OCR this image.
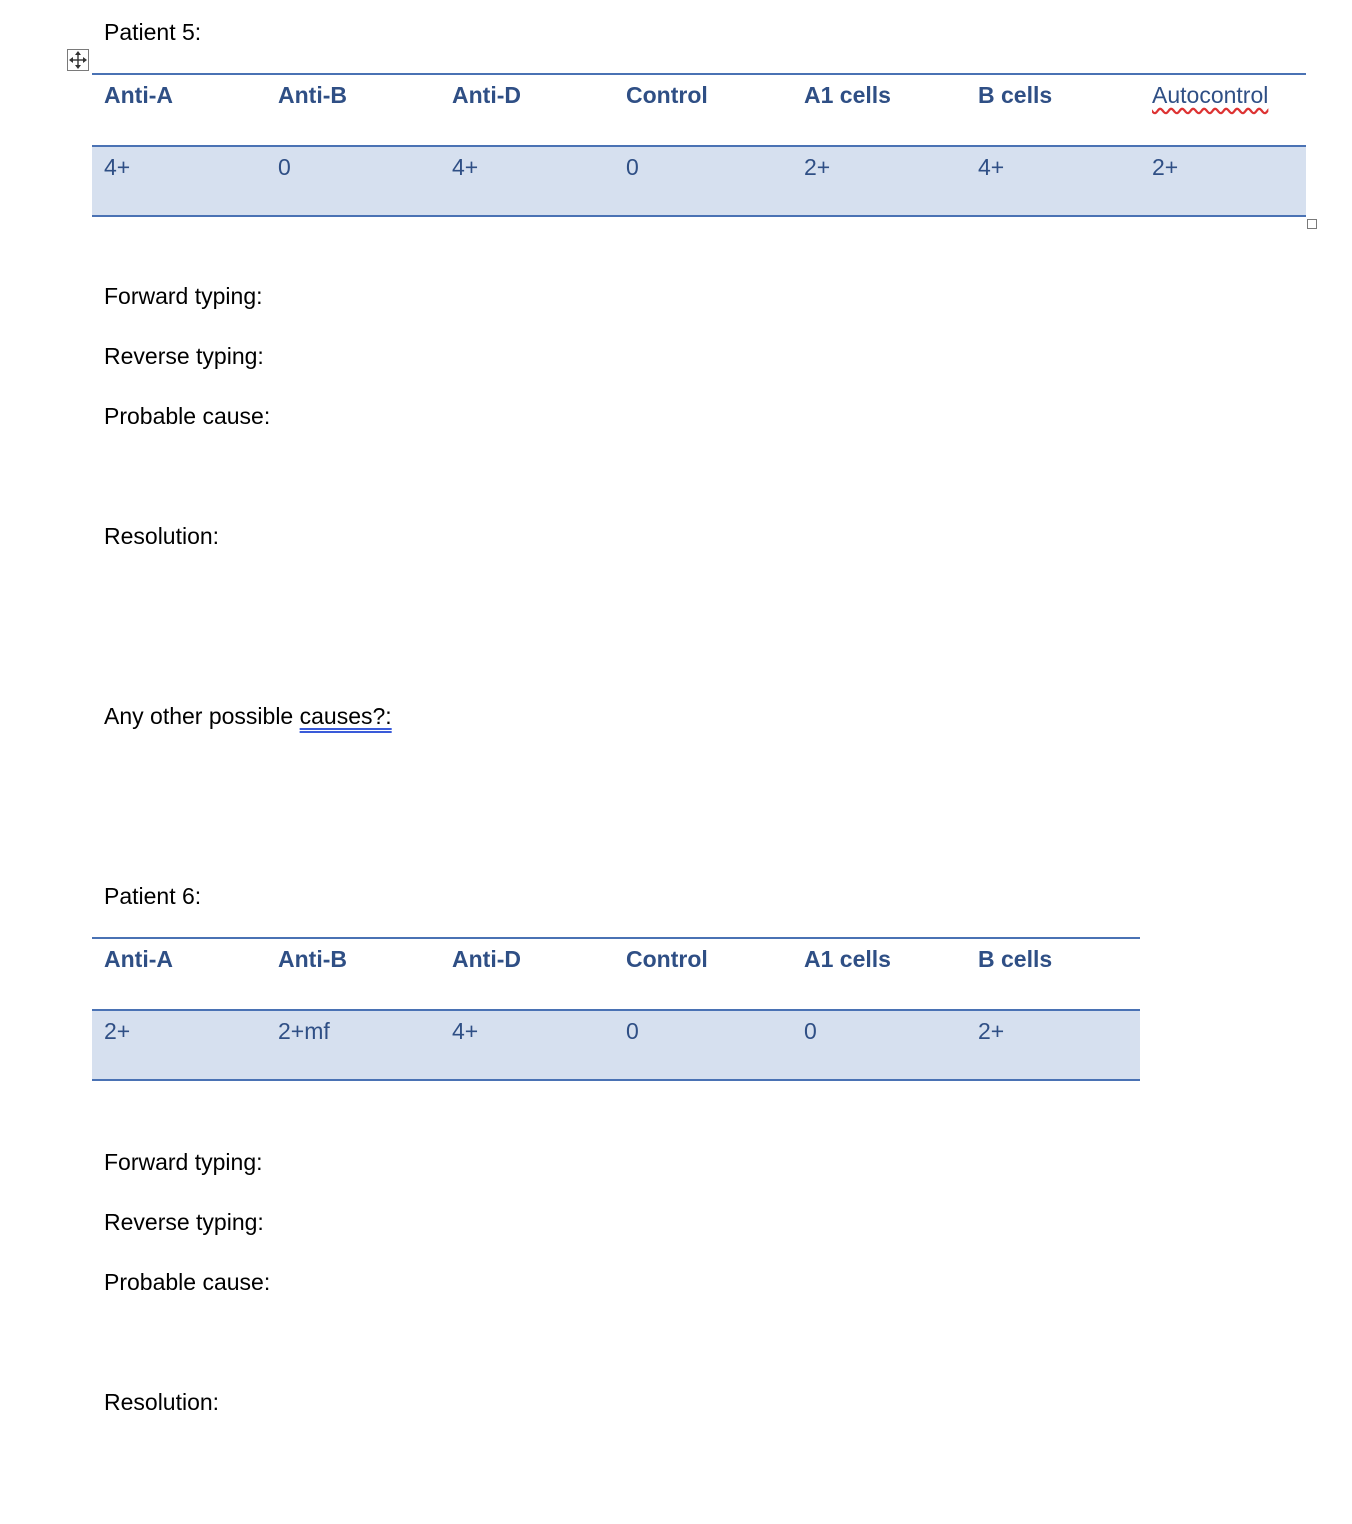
Patient 5:
Anti-A	Anti-B	Anti-D	Control	A1 cells	B cells	Autocontrol
4+	0	4+	0	2+	4+	2+
Forward typing:
Reverse typing:
Probable cause:
Resolution:
Any other possible causes?:
Patient 6:
Anti-A	Anti-B	Anti-D	Control	A1 cells	B cells
2+	2+mf	4+	0	0	2+
Forward typing:
Reverse typing:
Probable cause:
Resolution:
